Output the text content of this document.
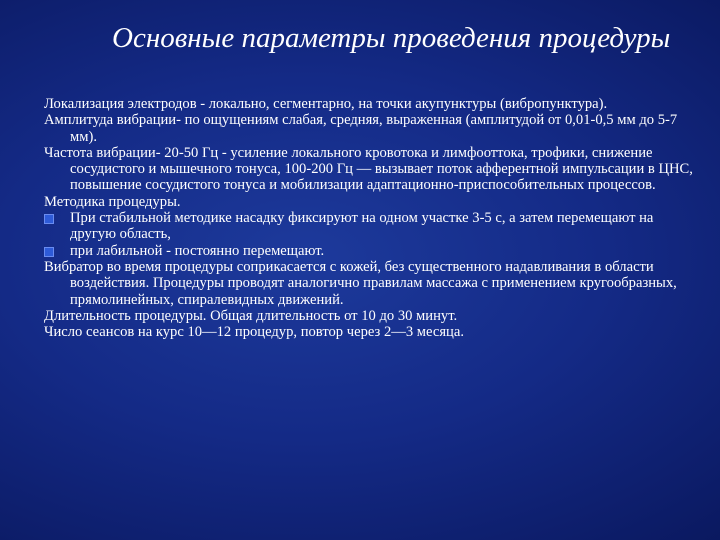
Основные параметры проведения процедуры

Локализация электродов - локально, сегментарно, на точки акупунктуры (вибропунктура).

Амплитуда вибрации- по ощущениям слабая, средняя, выраженная (амплитудой от 0,01-0,5 мм до 5-7 мм).

Частота вибрации- 20-50 Гц - усиление локального кровотока и лимфооттока, трофики, снижение сосудистого и мышечного тонуса, 100-200 Гц — вызывает поток афферентной импульсации в ЦНС, повышение сосудистого тонуса и мобилизации адаптационно-приспособительных процессов.

Методика процедуры.

При стабильной методике насадку фиксируют на одном участке 3-5 с, а затем перемещают на другую область,
при лабильной - постоянно перемещают.

Вибратор во время процедуры соприкасается с кожей, без существенного надавливания в области воздействия. Процедуры проводят аналогично правилам массажа с применением кругообразных, прямолинейных, спиралевидных движений.

Длительность процедуры. Общая длительность от 10 до 30 минут.

Число сеансов на курс 10—12 процедур, повтор через 2—3 месяца.
